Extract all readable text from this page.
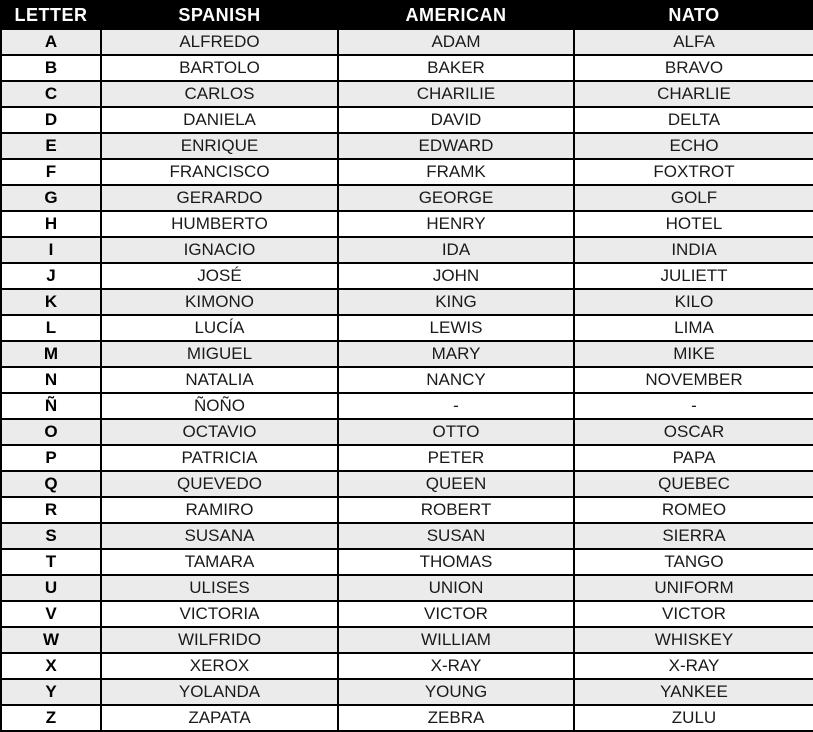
LETTER	SPANISH	AMERICAN	NATO
A	ALFREDO	ADAM	ALFA
B	BARTOLO	BAKER	BRAVO
C	CARLOS	CHARILIE	CHARLIE
D	DANIELA	DAVID	DELTA
E	ENRIQUE	EDWARD	ECHO
F	FRANCISCO	FRAMK	FOXTROT
G	GERARDO	GEORGE	GOLF
H	HUMBERTO	HENRY	HOTEL
I	IGNACIO	IDA	INDIA
J	JOSÉ	JOHN	JULIETT
K	KIMONO	KING	KILO
L	LUCÍA	LEWIS	LIMA
M	MIGUEL	MARY	MIKE
N	NATALIA	NANCY	NOVEMBER
Ñ	ÑOÑO	-	-
O	OCTAVIO	OTTO	OSCAR
P	PATRICIA	PETER	PAPA
Q	QUEVEDO	QUEEN	QUEBEC
R	RAMIRO	ROBERT	ROMEO
S	SUSANA	SUSAN	SIERRA
T	TAMARA	THOMAS	TANGO
U	ULISES	UNION	UNIFORM
V	VICTORIA	VICTOR	VICTOR
W	WILFRIDO	WILLIAM	WHISKEY
X	XEROX	X-RAY	X-RAY
Y	YOLANDA	YOUNG	YANKEE
Z	ZAPATA	ZEBRA	ZULU
